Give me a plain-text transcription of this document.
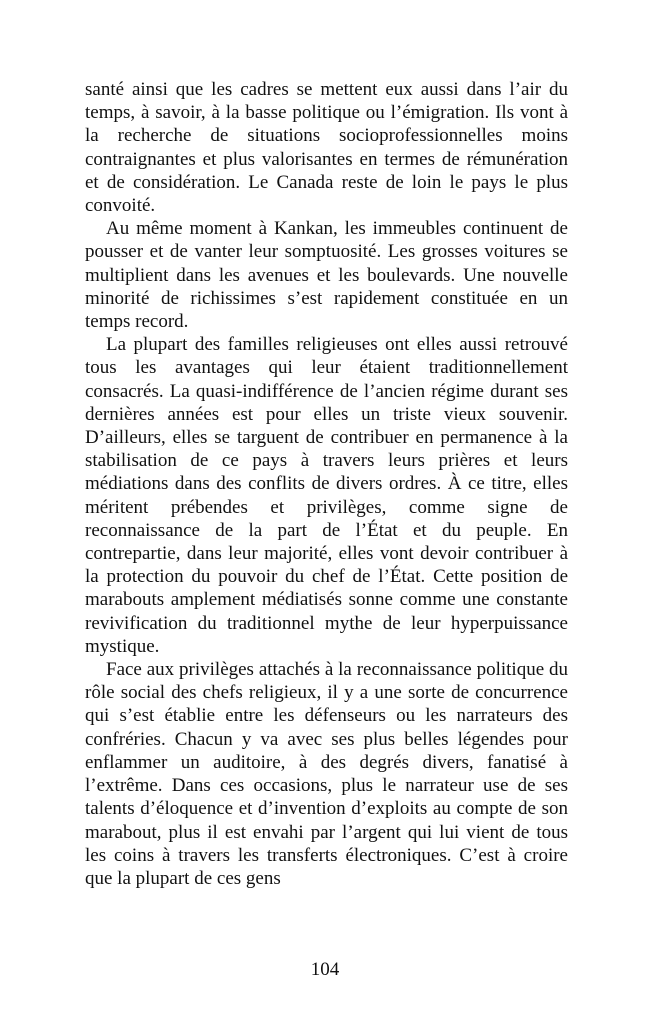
santé ainsi que les cadres se mettent eux aussi dans l’air du temps, à savoir, à la basse politique ou l’émigration. Ils vont à la recherche de situations socioprofessionnelles moins contraignantes et plus valorisantes en termes de rémunération et de considération. Le Canada reste de loin le pays le plus convoité.

Au même moment à Kankan, les immeubles continuent de pousser et de vanter leur somptuosité. Les grosses voitures se multiplient dans les avenues et les boulevards. Une nouvelle minorité de richissimes s’est rapidement constituée en un temps record.

La plupart des familles religieuses ont elles aussi retrouvé tous les avantages qui leur étaient traditionnellement consacrés. La quasi-indifférence de l’ancien régime durant ses dernières années est pour elles un triste vieux souvenir. D’ailleurs, elles se targuent de contribuer en permanence à la stabilisation de ce pays à travers leurs prières et leurs médiations dans des conflits de divers ordres. À ce titre, elles méritent prébendes et privilèges, comme signe de reconnaissance de la part de l’État et du peuple. En contrepartie, dans leur majorité, elles vont devoir contribuer à la protection du pouvoir du chef de l’État. Cette position de marabouts amplement médiatisés sonne comme une constante revivification du traditionnel mythe de leur hyperpuissance mystique.

Face aux privilèges attachés à la reconnaissance politique du rôle social des chefs religieux, il y a une sorte de concurrence qui s’est établie entre les défenseurs ou les narrateurs des confréries. Chacun y va avec ses plus belles légendes pour enflammer un auditoire, à des degrés divers, fanatisé à l’extrême. Dans ces occasions, plus le narrateur use de ses talents d’éloquence et d’invention d’exploits au compte de son marabout, plus il est envahi par l’argent qui lui vient de tous les coins à travers les transferts électroniques. C’est à croire que la plupart de ces gens

104
